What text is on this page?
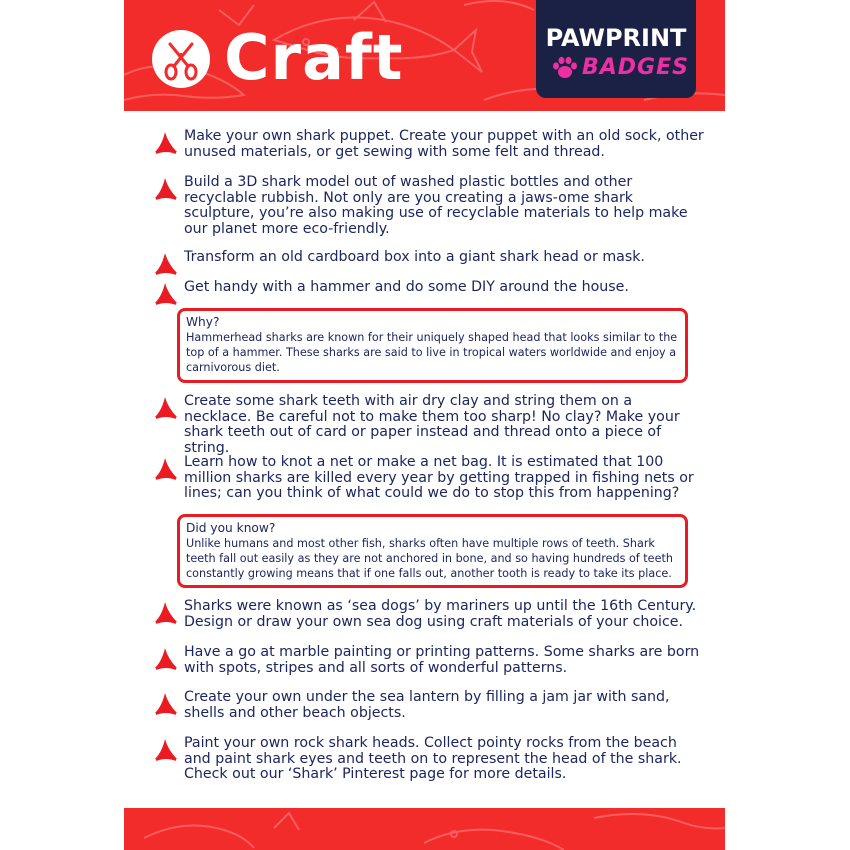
Craft	PAWPRINT
BADGES
Make your own shark puppet. Create your puppet with an old sock, other unused materials, or get sewing with some felt and thread.
Build a 3D shark model out of washed plastic bottles and other recyclable rubbish. Not only are you creating a jaws-ome shark sculpture, you’re also making use of recyclable materials to help make our planet more eco-friendly.
Transform an old cardboard box into a giant shark head or mask.
Get handy with a hammer and do some DIY around the house.
Why?
Hammerhead sharks are known for their uniquely shaped head that looks similar to the top of a hammer. These sharks are said to live in tropical waters worldwide and enjoy a carnivorous diet.
Create some shark teeth with air dry clay and string them on a necklace. Be careful not to make them too sharp! No clay? Make your shark teeth out of card or paper instead and thread onto a piece of string.
Learn how to knot a net or make a net bag. It is estimated that 100 million sharks are killed every year by getting trapped in fishing nets or lines; can you think of what could we do to stop this from happening?
Did you know?
Unlike humans and most other fish, sharks often have multiple rows of teeth. Shark teeth fall out easily as they are not anchored in bone, and so having hundreds of teeth constantly growing means that if one falls out, another tooth is ready to take its place.
Sharks were known as ‘sea dogs’ by mariners up until the 16th Century. Design or draw your own sea dog using craft materials of your choice.
Have a go at marble painting or printing patterns. Some sharks are born with spots, stripes and all sorts of wonderful patterns.
Create your own under the sea lantern by filling a jam jar with sand, shells and other beach objects.
Paint your own rock shark heads. Collect pointy rocks from the beach and paint shark eyes and teeth on to represent the head of the shark. Check out our ‘Shark’ Pinterest page for more details.
